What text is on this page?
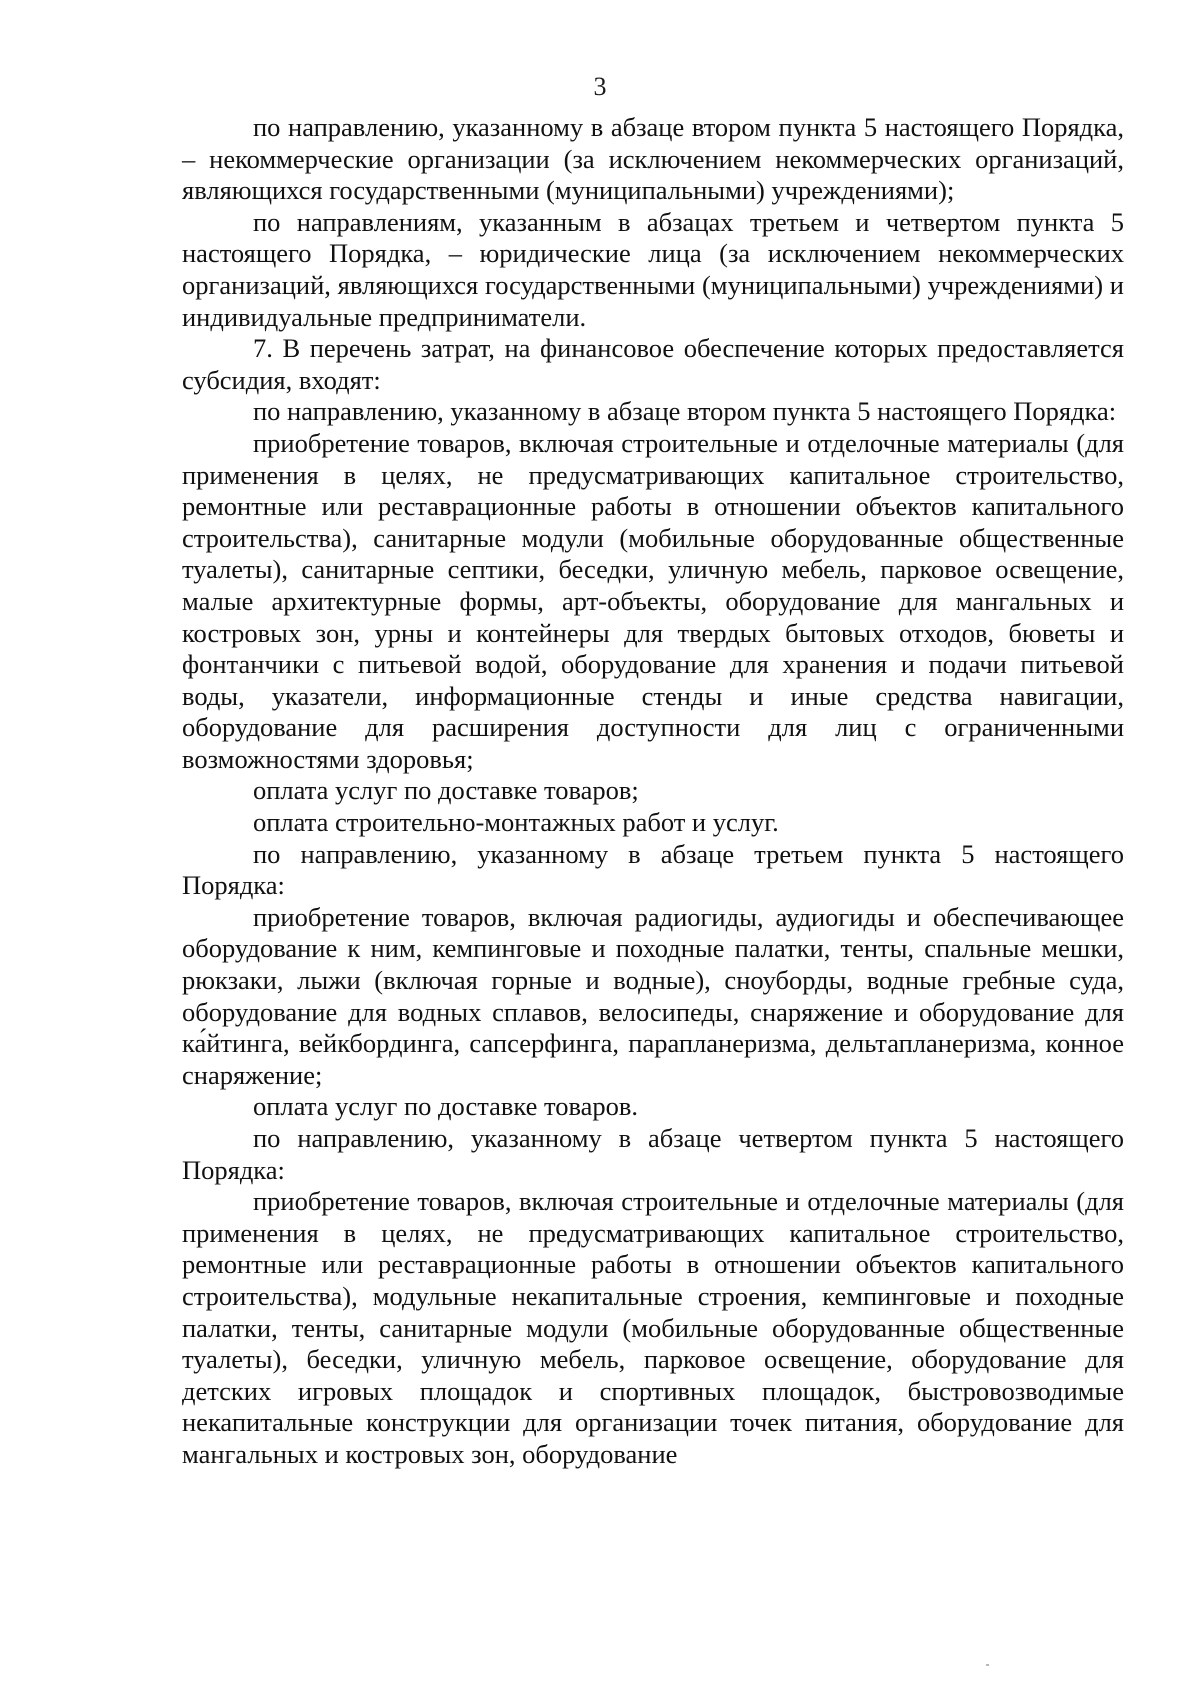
3

по направлению, указанному в абзаце втором пункта 5 настоящего Порядка, – некоммерческие организации (за исключением некоммерческих организаций, являющихся государственными (муниципальными) учреждениями);

по направлениям, указанным в абзацах третьем и четвертом пункта 5 настоящего Порядка, – юридические лица (за исключением некоммерческих организаций, являющихся государственными (муниципальными) учреждениями) и индивидуальные предприниматели.

7. В перечень затрат, на финансовое обеспечение которых предоставляется субсидия, входят:

по направлению, указанному в абзаце втором пункта 5 настоящего Порядка:

приобретение товаров, включая строительные и отделочные материалы (для применения в целях, не предусматривающих капитальное строительство, ремонтные или реставрационные работы в отношении объектов капитального строительства), санитарные модули (мобильные оборудованные общественные туалеты), санитарные септики, беседки, уличную мебель, парковое освещение, малые архитектурные формы, арт-объекты, оборудование для мангальных и костровых зон, урны и контейнеры для твердых бытовых отходов, бюветы и фонтанчики с питьевой водой, оборудование для хранения и подачи питьевой воды, указатели, информационные стенды и иные средства навигации, оборудование для расширения доступности для лиц с ограниченными возможностями здоровья;

оплата услуг по доставке товаров;

оплата строительно-монтажных работ и услуг.

по направлению, указанному в абзаце третьем пункта 5 настоящего Порядка:

приобретение товаров, включая радиогиды, аудиогиды и обеспечивающее оборудование к ним, кемпинговые и походные палатки, тенты, спальные мешки, рюкзаки, лыжи (включая горные и водные), сноуборды, водные гребные суда, оборудование для водных сплавов, велосипеды, снаряжение и оборудование для ка́йтинга, вейкбординга, сапсерфинга, парапланеризма, дельтапланеризма, конное снаряжение;

оплата услуг по доставке товаров.

по направлению, указанному в абзаце четвертом пункта 5 настоящего Порядка:

приобретение товаров, включая строительные и отделочные материалы (для применения в целях, не предусматривающих капитальное строительство, ремонтные или реставрационные работы в отношении объектов капитального строительства), модульные некапитальные строения, кемпинговые и походные палатки, тенты, санитарные модули (мобильные оборудованные общественные туалеты), беседки, уличную мебель, парковое освещение, оборудование для детских игровых площадок и спортивных площадок, быстровозводимые некапитальные конструкции для организации точек питания, оборудование для мангальных и костровых зон, оборудование
